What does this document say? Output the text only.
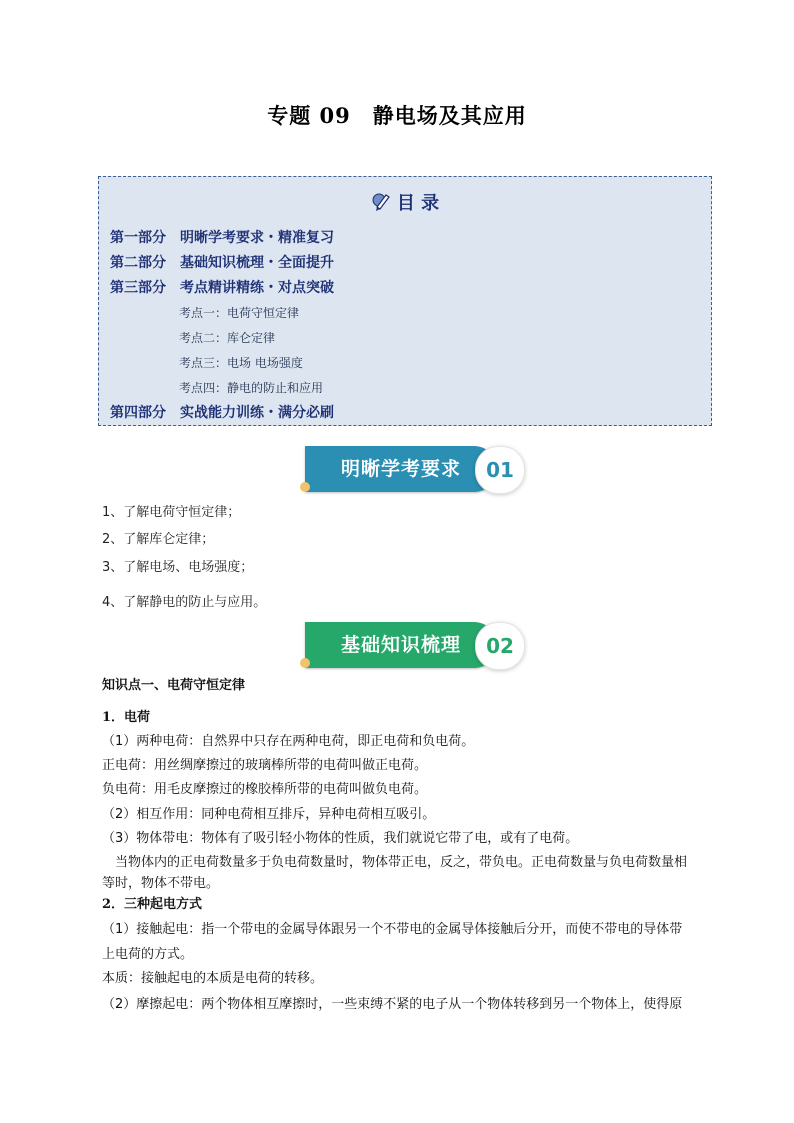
专题 09　静电场及其应用
目 录
第一部分　明晰学考要求・精准复习
第二部分　基础知识梳理・全面提升
第三部分　考点精讲精练・对点突破
考点一：电荷守恒定律
考点二：库仑定律
考点三：电场 电场强度
考点四：静电的防止和应用
第四部分　实战能力训练・满分必刷
明晰学考要求	01
1、了解电荷守恒定律；
2、了解库仑定律；
3、了解电场、电场强度；
4、了解静电的防止与应用。
基础知识梳理	02
知识点一、电荷守恒定律
1．电荷
（1）两种电荷：自然界中只存在两种电荷，即正电荷和负电荷。
正电荷：用丝绸摩擦过的玻璃棒所带的电荷叫做正电荷。
负电荷：用毛皮摩擦过的橡胶棒所带的电荷叫做负电荷。
（2）相互作用：同种电荷相互排斥，异种电荷相互吸引。
（3）物体带电：物体有了吸引轻小物体的性质，我们就说它带了电，或有了电荷。
当物体内的正电荷数量多于负电荷数量时，物体带正电，反之，带负电。正电荷数量与负电荷数量相
等时，物体不带电。
2．三种起电方式
（1）接触起电：指一个带电的金属导体跟另一个不带电的金属导体接触后分开，而使不带电的导体带
上电荷的方式。
本质：接触起电的本质是电荷的转移。
（2）摩擦起电：两个物体相互摩擦时，一些束缚不紧的电子从一个物体转移到另一个物体上，使得原
